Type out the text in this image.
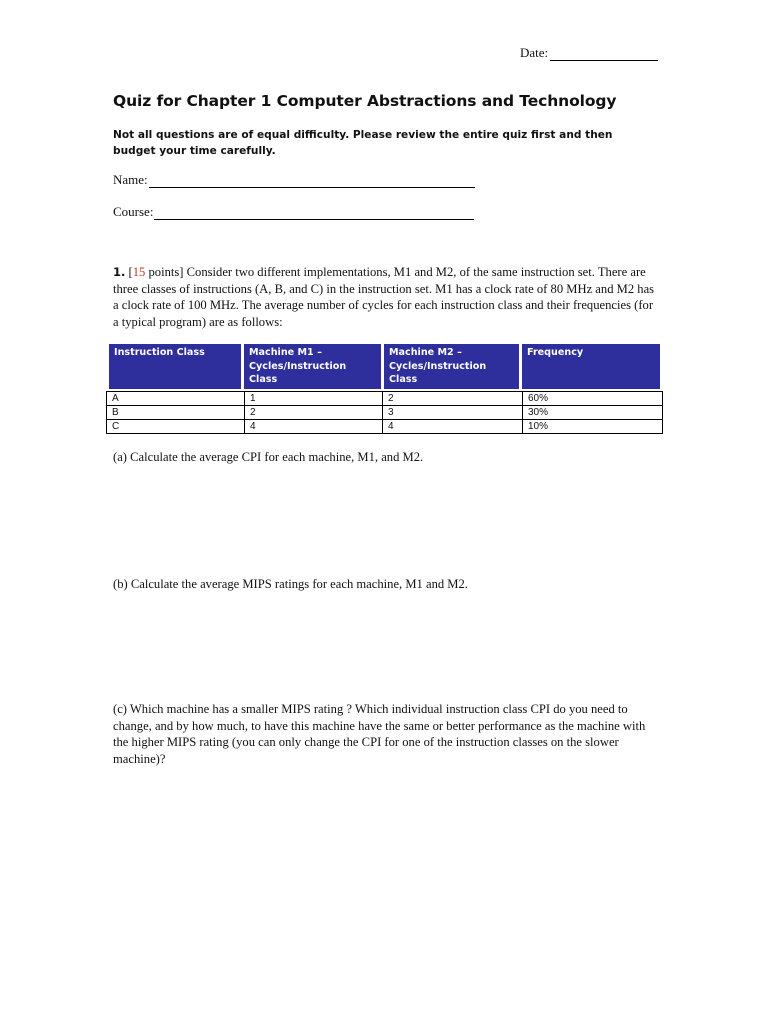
Date:
Quiz for Chapter 1 Computer Abstractions and Technology
Not all questions are of equal difficulty. Please review the entire quiz first and then budget your time carefully.
Name:
Course:
1. [15 points] Consider two different implementations, M1 and M2, of the same instruction set. There are three classes of instructions (A, B, and C) in the instruction set. M1 has a clock rate of 80 MHz and M2 has a clock rate of 100 MHz. The average number of cycles for each instruction class and their frequencies (for a typical program) are as follows:
Instruction Class	Machine M1 – Cycles/Instruction Class	Machine M2 – Cycles/Instruction Class	Frequency
A	1	2	60%
B	2	3	30%
C	4	4	10%
(a) Calculate the average CPI for each machine, M1, and M2.
(b) Calculate the average MIPS ratings for each machine, M1 and M2.
(c) Which machine has a smaller MIPS rating ? Which individual instruction class CPI do you need to change, and by how much, to have this machine have the same or better performance as the machine with the higher MIPS rating (you can only change the CPI for one of the instruction classes on the slower machine)?
